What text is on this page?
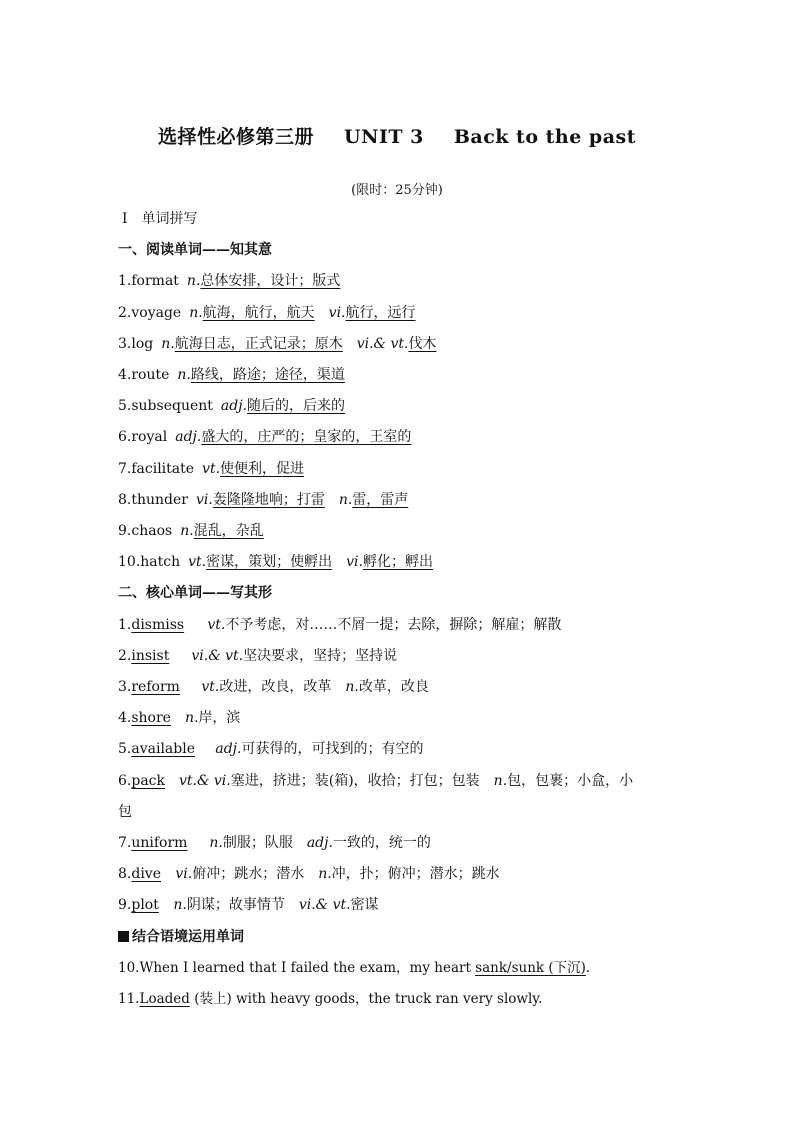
选择性必修第三册 UNIT 3 Back to the past
(限时：25分钟)
Ⅰ 单词拼写
一、阅读单词——知其意
1.format n.总体安排，设计；版式
2.voyage n.航海，航行，航天 vi.航行，远行
3.log n.航海日志，正式记录；原木 vi.& vt.伐木
4.route n.路线，路途；途径，渠道
5.subsequent adj.随后的，后来的
6.royal adj.盛大的，庄严的；皇家的，王室的
7.facilitate vt.使便利，促进
8.thunder vi.轰隆隆地响；打雷 n.雷，雷声
9.chaos n.混乱，杂乱
10.hatch vt.密谋，策划；使孵出 vi.孵化；孵出
二、核心单词——写其形
1.dismiss vt.不予考虑，对……不屑一提；去除，摒除；解雇；解散
2.insist vi.& vt.坚决要求，坚持；坚持说
3.reform vt.改进，改良，改革 n.改革，改良
4.shore n.岸，滨
5.available adj.可获得的，可找到的；有空的
6.pack vt.& vi.塞进，挤进；装(箱)，收拾；打包；包装 n.包，包裹；小盒，小
包
7.uniform n.制服；队服 adj.一致的，统一的
8.dive vi.俯冲；跳水；潜水 n.冲，扑；俯冲；潜水；跳水
9.plot n.阴谋；故事情节 vi.& vt.密谋
结合语境运用单词
10.When I learned that I failed the exam，my heart sank/sunk (下沉).
11.Loaded (装上) with heavy goods，the truck ran very slowly.
